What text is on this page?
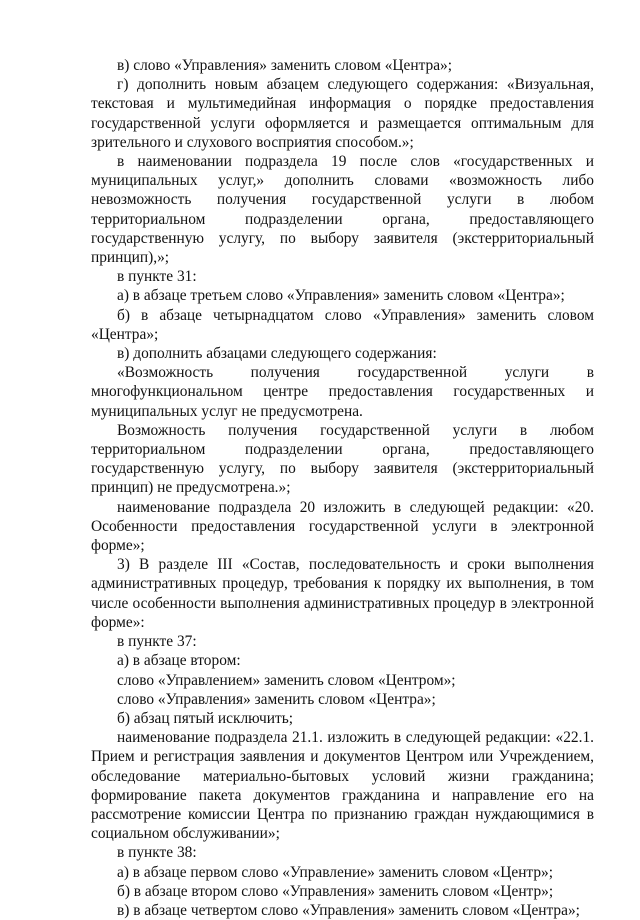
в) слово «Управления» заменить словом «Центра»;

г) дополнить новым абзацем следующего содержания: «Визуальная, текстовая и мультимедийная информация о порядке предоставления государственной услуги оформляется и размещается оптимальным для зрительного и слухового восприятия способом.»;

в наименовании подраздела 19 после слов «государственных и муниципальных услуг,» дополнить словами «возможность либо невозможность получения государственной услуги в любом территориальном подразделении органа, предоставляющего государственную услугу, по выбору заявителя (экстерриториальный принцип),»;

в пункте 31:

а) в абзаце третьем слово «Управления» заменить словом «Центра»;

б) в абзаце четырнадцатом слово «Управления» заменить словом «Центра»;

в) дополнить абзацами следующего содержания:

«Возможность получения государственной услуги в многофункциональном центре предоставления государственных и муниципальных услуг не предусмотрена.

Возможность получения государственной услуги в любом территориальном подразделении органа, предоставляющего государственную услугу, по выбору заявителя (экстерриториальный принцип) не предусмотрена.»;

наименование подраздела 20 изложить в следующей редакции: «20. Особенности предоставления государственной услуги в электронной форме»;

3) В разделе III «Состав, последовательность и сроки выполнения административных процедур, требования к порядку их выполнения, в том числе особенности выполнения административных процедур в электронной форме»:

в пункте 37:

а) в абзаце втором:

слово «Управлением» заменить словом «Центром»;

слово «Управления» заменить словом «Центра»;

б) абзац пятый исключить;

наименование подраздела 21.1. изложить в следующей редакции: «22.1. Прием и регистрация заявления и документов Центром или Учреждением, обследование материально-бытовых условий жизни гражданина; формирование пакета документов гражданина и направление его на рассмотрение комиссии Центра по признанию граждан нуждающимися в социальном обслуживании»;

в пункте 38:

а) в абзаце первом слово «Управление» заменить словом «Центр»;

б) в абзаце втором слово «Управления» заменить словом «Центр»;

в) в абзаце четвертом слово «Управления» заменить словом «Центра»;
